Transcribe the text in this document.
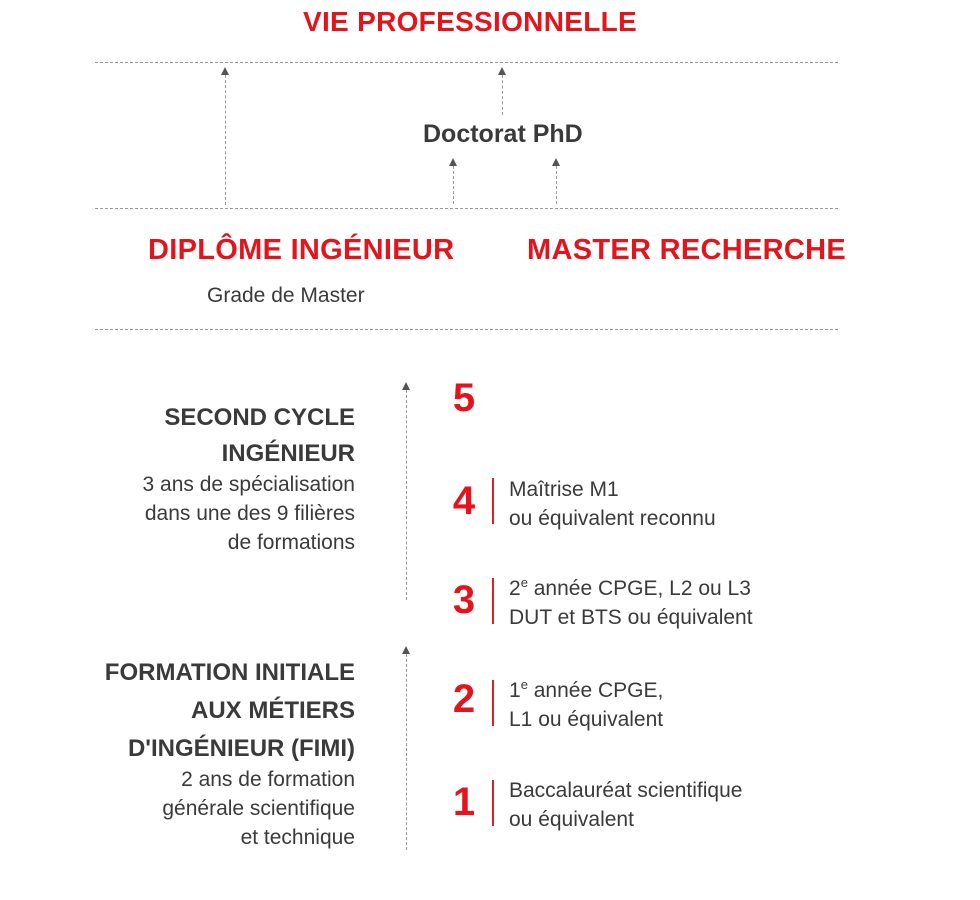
VIE PROFESSIONNELLE
Doctorat PhD
DIPLÔME INGÉNIEUR
Grade de Master
MASTER RECHERCHE
SECOND CYCLE
INGÉNIEUR
3 ans de spécialisation
dans une des 9 filières
de formations
FORMATION INITIALE
AUX MÉTIERS
D'INGÉNIEUR (FIMI)
2 ans de formation
générale scientifique
et technique
5
4	Maîtrise M1
ou équivalent reconnu
3	2e année CPGE, L2 ou L3
DUT et BTS ou équivalent
2	1e année CPGE,
L1 ou équivalent
1	Baccalauréat scientifique
ou équivalent
